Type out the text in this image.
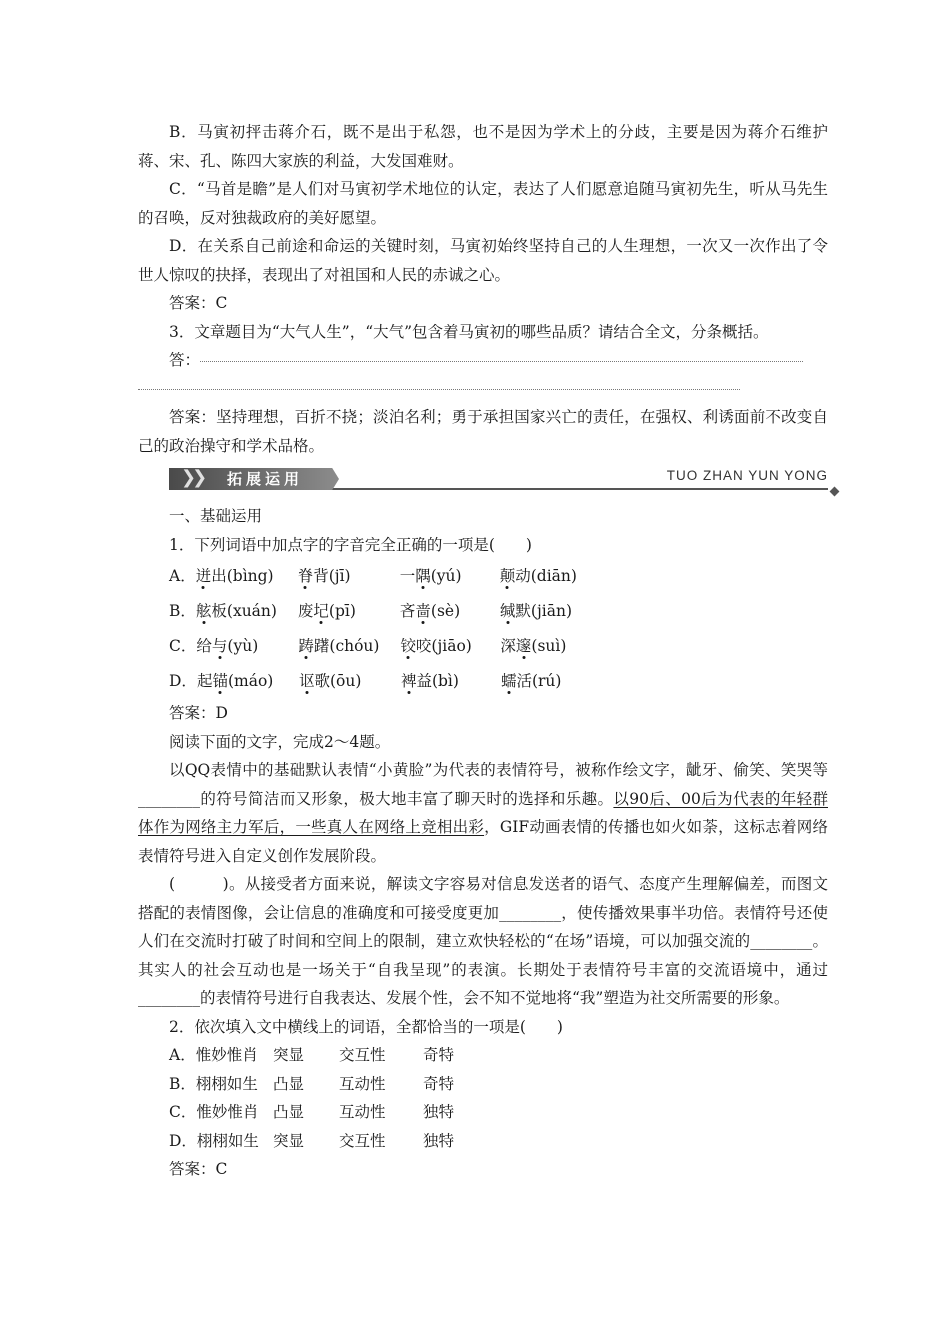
B．马寅初抨击蒋介石，既不是出于私怨，也不是因为学术上的分歧，主要是因为蒋介石维护蒋、宋、孔、陈四大家族的利益，大发国难财。

C．“马首是瞻”是人们对马寅初学术地位的认定，表达了人们愿意追随马寅初先生，听从马先生的召唤，反对独裁政府的美好愿望。

D．在关系自己前途和命运的关键时刻，马寅初始终坚持自己的人生理想，一次又一次作出了令世人惊叹的抉择，表现出了对祖国和人民的赤诚之心。

答案：C

3．文章题目为“大气人生”，“大气”包含着马寅初的哪些品质？请结合全文，分条概括。

答：

答案：坚持理想，百折不挠；淡泊名利；勇于承担国家兴亡的责任，在强权、利诱面前不改变自己的政治操守和学术品格。

❯❯ 拓展运用	TUO ZHAN YUN YONG

一、基础运用

1．下列词语中加点字的字音完全正确的一项是(　　)

A．迸出(bìng) 脊背(jī)	一隅(yú) 颠动(diān)
B．舷板(xuán) 废圮(pī)	吝啬(sè)	缄默(jiān)
C．给与(yù)	踌躇(chóu) 铰咬(jiāo) 深邃(suì)
D．起锚(máo) 讴歌(ōu)	裨益(bì)	蠕活(rú)

答案：D

阅读下面的文字，完成2～4题。

以QQ表情中的基础默认表情“小黄脸”为代表的表情符号，被称作绘文字，龇牙、偷笑、笑哭等________的符号简洁而又形象，极大地丰富了聊天时的选择和乐趣。以90后、00后为代表的年轻群体作为网络主力军后，一些真人在网络上竞相出彩，GIF动画表情的传播也如火如荼，这标志着网络表情符号进入自定义创作发展阶段。

(　　　)。从接受者方面来说，解读文字容易对信息发送者的语气、态度产生理解偏差，而图文搭配的表情图像，会让信息的准确度和可接受度更加________，使传播效果事半功倍。表情符号还使人们在交流时打破了时间和空间上的限制，建立欢快轻松的“在场”语境，可以加强交流的________。其实人的社会互动也是一场关于“自我呈现”的表演。长期处于表情符号丰富的交流语境中，通过________的表情符号进行自我表达、发展个性，会不知不觉地将“我”塑造为社交所需要的形象。

2．依次填入文中横线上的词语，全都恰当的一项是(　　)

A．惟妙惟肖 突显 交互性 奇特
B．栩栩如生 凸显 互动性 奇特
C．惟妙惟肖 凸显 互动性 独特
D．栩栩如生 突显 交互性 独特

答案：C
